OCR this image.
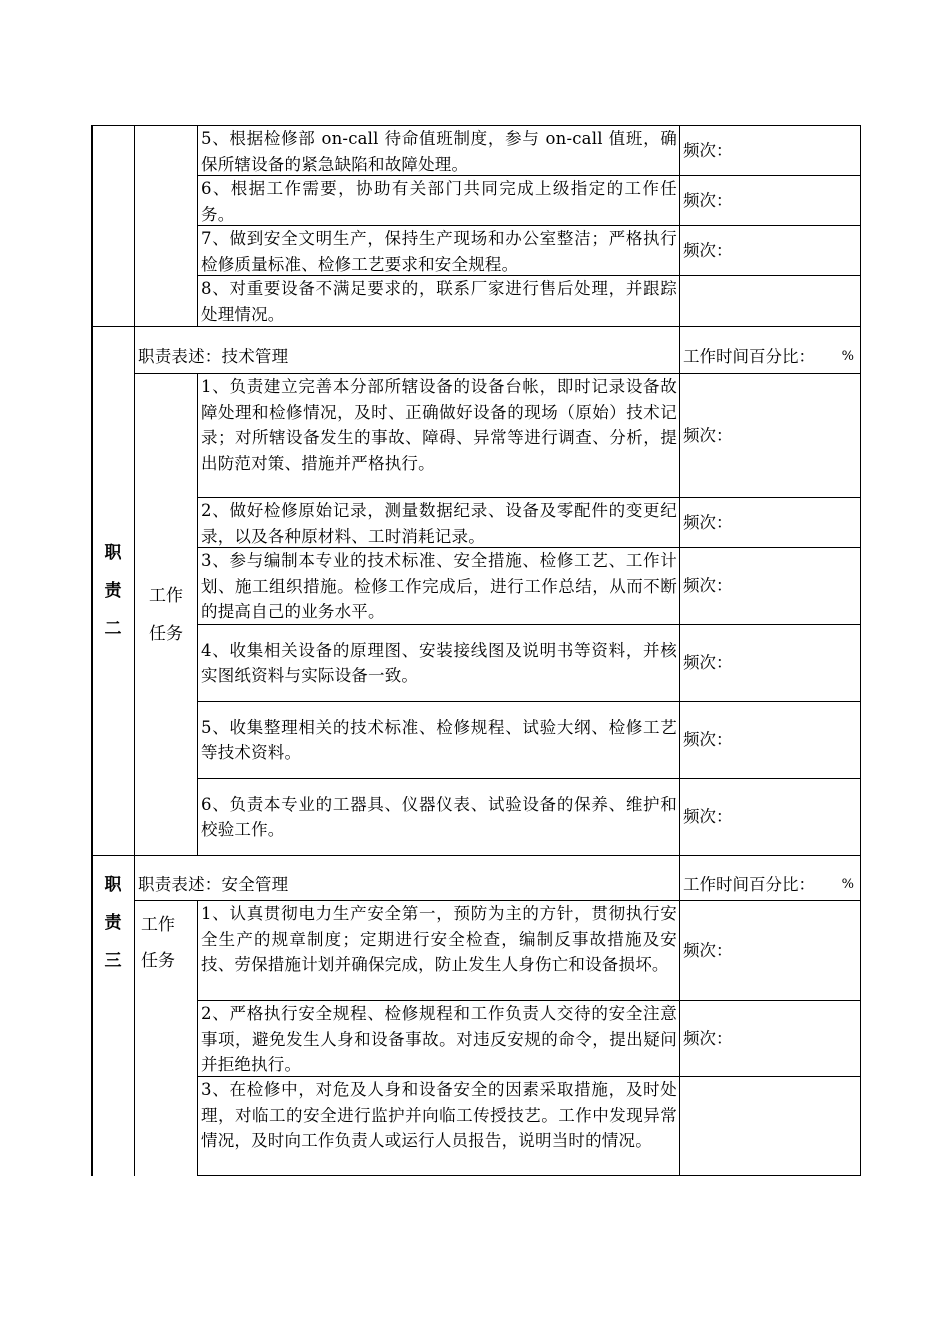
5、根据检修部 on-call 待命值班制度，参与 on-call 值班，确保所辖设备的紧急缺陷和故障处理。
频次：
6、根据工作需要，协助有关部门共同完成上级指定的工作任务。
频次：
7、做到安全文明生产，保持生产现场和办公室整洁；严格执行检修质量标准、检修工艺要求和安全规程。
频次：
8、对重要设备不满足要求的，联系厂家进行售后处理，并跟踪处理情况。
职
责
二
职责表述：技术管理	工作时间百分比： %
工作
任务
1、负责建立完善本分部所辖设备的设备台帐，即时记录设备故障处理和检修情况，及时、正确做好设备的现场（原始）技术记录；对所辖设备发生的事故、障碍、异常等进行调查、分析，提出防范对策、措施并严格执行。
频次：
2、做好检修原始记录，测量数据纪录、设备及零配件的变更纪录，以及各种原材料、工时消耗记录。
频次：
3、参与编制本专业的技术标准、安全措施、检修工艺、工作计划、施工组织措施。检修工作完成后，进行工作总结，从而不断的提高自己的业务水平。
频次：
4、收集相关设备的原理图、安装接线图及说明书等资料，并核实图纸资料与实际设备一致。
频次：
5、收集整理相关的技术标准、检修规程、试验大纲、检修工艺等技术资料。
频次：
6、负责本专业的工器具、仪器仪表、试验设备的保养、维护和校验工作。
频次：
职
责
三
职责表述：安全管理	工作时间百分比： %
工作
任务
1、认真贯彻电力生产安全第一，预防为主的方针，贯彻执行安全生产的规章制度；定期进行安全检查，编制反事故措施及安技、劳保措施计划并确保完成，防止发生人身伤亡和设备损坏。
频次：
2、严格执行安全规程、检修规程和工作负责人交待的安全注意事项，避免发生人身和设备事故。对违反安规的命令，提出疑问并拒绝执行。
频次：
3、在检修中，对危及人身和设备安全的因素采取措施，及时处理，对临工的安全进行监护并向临工传授技艺。工作中发现异常情况，及时向工作负责人或运行人员报告，说明当时的情况。
